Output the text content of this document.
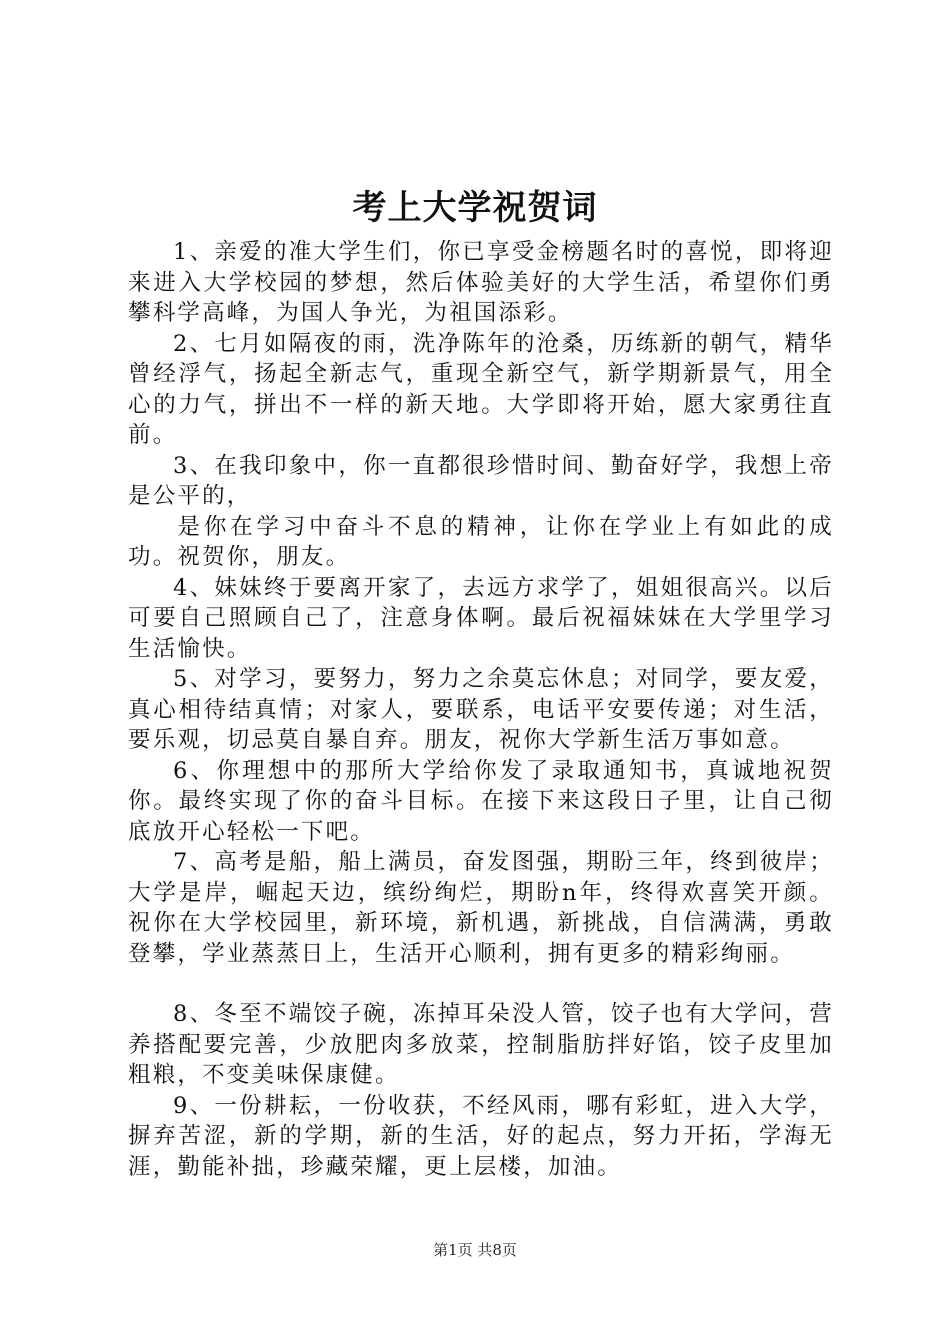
考上大学祝贺词

1、亲爱的准大学生们，你已享受金榜题名时的喜悦，即将迎来进入大学校园的梦想，然后体验美好的大学生活，希望你们勇攀科学高峰，为国人争光，为祖国添彩。

2、七月如隔夜的雨，洗净陈年的沧桑，历练新的朝气，精华曾经浮气，扬起全新志气，重现全新空气，新学期新景气，用全心的力气，拼出不一样的新天地。大学即将开始，愿大家勇往直前。

3、在我印象中，你一直都很珍惜时间、勤奋好学，我想上帝是公平的，

是你在学习中奋斗不息的精神，让你在学业上有如此的成功。祝贺你，朋友。

4、妹妹终于要离开家了，去远方求学了，姐姐很高兴。以后可要自己照顾自己了，注意身体啊。最后祝福妹妹在大学里学习生活愉快。

5、对学习，要努力，努力之余莫忘休息；对同学，要友爱，真心相待结真情；对家人，要联系，电话平安要传递；对生活，要乐观，切忌莫自暴自弃。朋友，祝你大学新生活万事如意。

6、你理想中的那所大学给你发了录取通知书，真诚地祝贺你。最终实现了你的奋斗目标。在接下来这段日子里，让自己彻底放开心轻松一下吧。

7、高考是船，船上满员，奋发图强，期盼三年，终到彼岸；大学是岸，崛起天边，缤纷绚烂，期盼n年，终得欢喜笑开颜。祝你在大学校园里，新环境，新机遇，新挑战，自信满满，勇敢登攀，学业蒸蒸日上，生活开心顺利，拥有更多的精彩绚丽。

8、冬至不端饺子碗，冻掉耳朵没人管，饺子也有大学问，营养搭配要完善，少放肥肉多放菜，控制脂肪拌好馅，饺子皮里加粗粮，不变美味保康健。

9、一份耕耘，一份收获，不经风雨，哪有彩虹，进入大学，摒弃苦涩，新的学期，新的生活，好的起点，努力开拓，学海无涯，勤能补拙，珍藏荣耀，更上层楼，加油。

第1页 共8页
